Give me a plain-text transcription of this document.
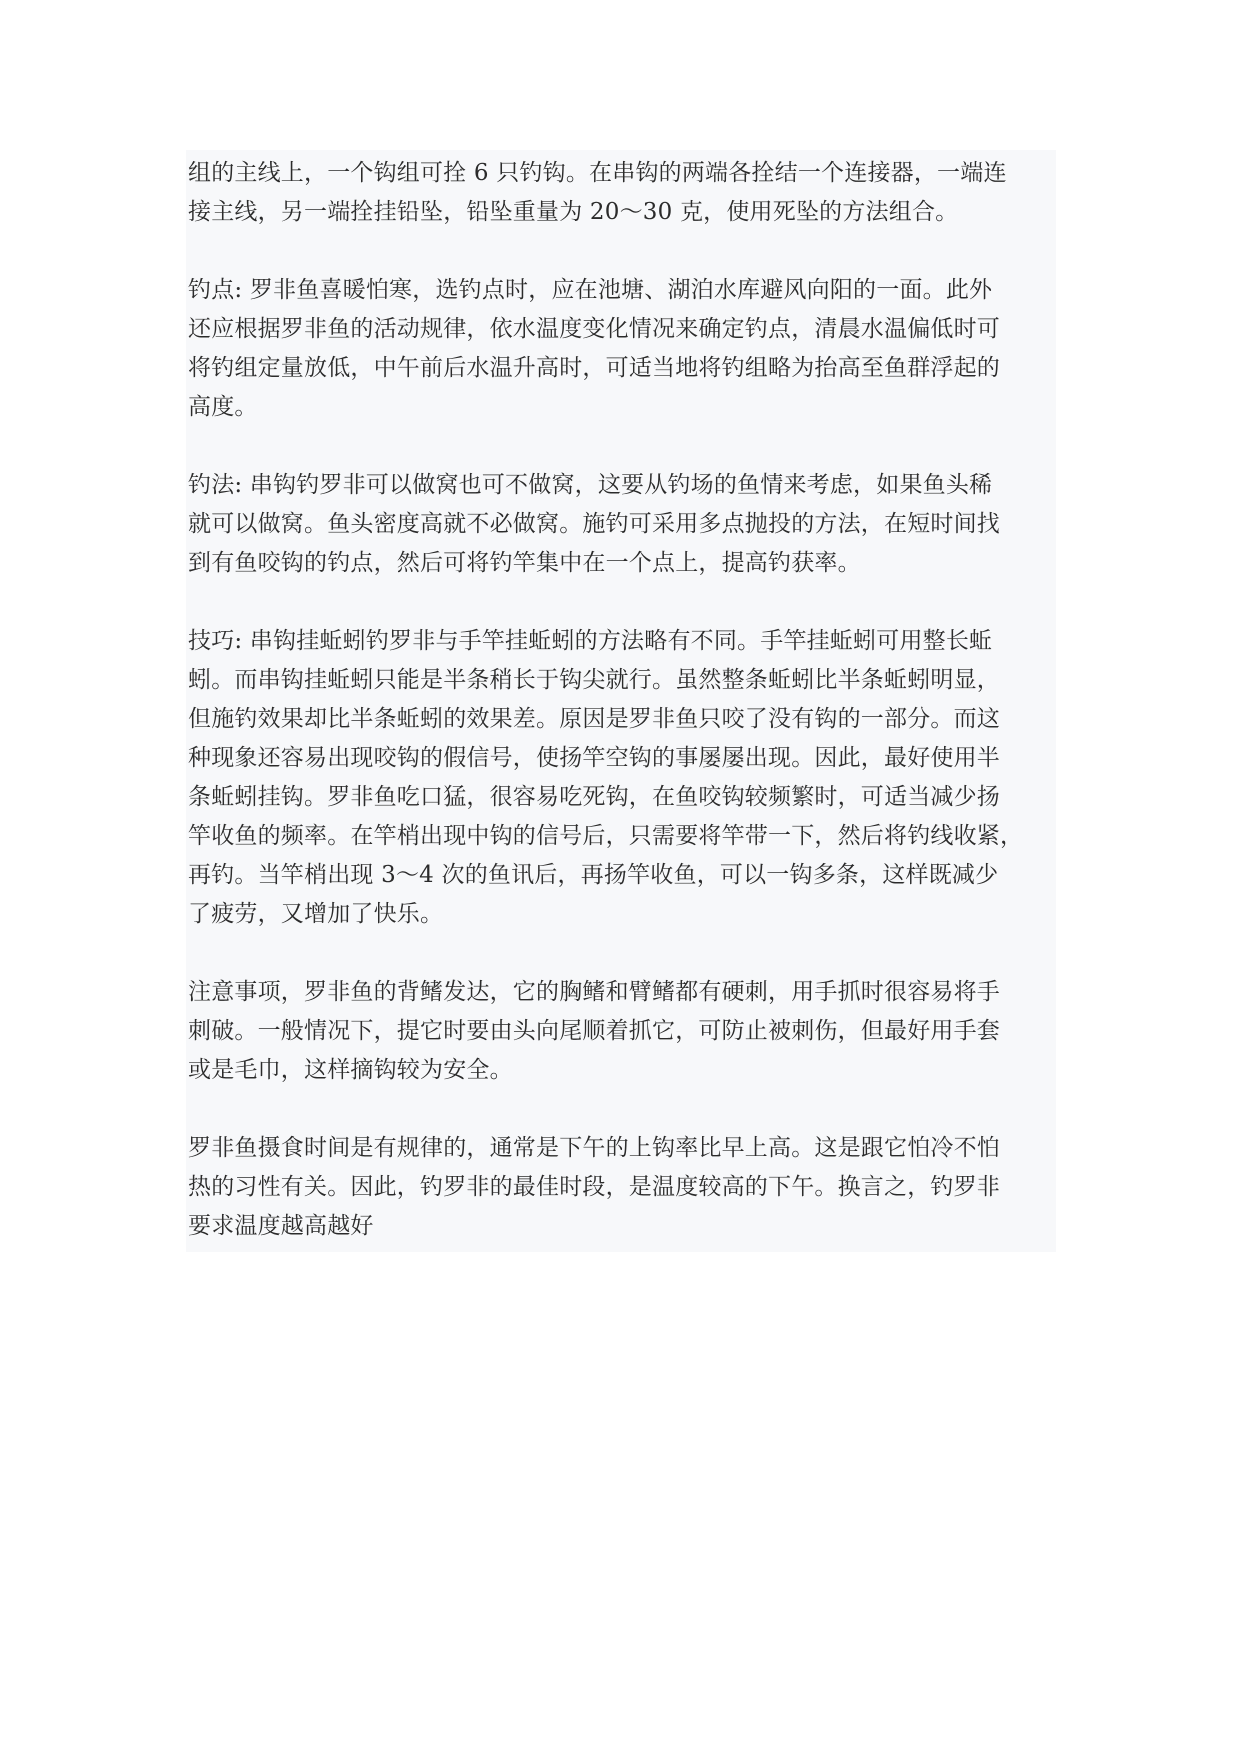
组的主线上，一个钩组可拴 6 只钓钩。在串钩的两端各拴结一个连接器，一端连
接主线，另一端拴挂铅坠，铅坠重量为 20～30 克，使用死坠的方法组合。

钓点: 罗非鱼喜暖怕寒，选钓点时，应在池塘、湖泊水库避风向阳的一面。此外
还应根据罗非鱼的活动规律，依水温度变化情况来确定钓点，清晨水温偏低时可
将钓组定量放低，中午前后水温升高时，可适当地将钓组略为抬高至鱼群浮起的
高度。

钓法: 串钩钓罗非可以做窝也可不做窝，这要从钓场的鱼情来考虑，如果鱼头稀
就可以做窝。鱼头密度高就不必做窝。施钓可采用多点抛投的方法，在短时间找
到有鱼咬钩的钓点，然后可将钓竿集中在一个点上，提高钓获率。

技巧: 串钩挂蚯蚓钓罗非与手竿挂蚯蚓的方法略有不同。手竿挂蚯蚓可用整长蚯
蚓。而串钩挂蚯蚓只能是半条稍长于钩尖就行。虽然整条蚯蚓比半条蚯蚓明显，
但施钓效果却比半条蚯蚓的效果差。原因是罗非鱼只咬了没有钩的一部分。而这
种现象还容易出现咬钩的假信号，使扬竿空钩的事屡屡出现。因此，最好使用半
条蚯蚓挂钩。罗非鱼吃口猛，很容易吃死钩，在鱼咬钩较频繁时，可适当减少扬
竿收鱼的频率。在竿梢出现中钩的信号后，只需要将竿带一下，然后将钓线收紧，
再钓。当竿梢出现 3～4 次的鱼讯后，再扬竿收鱼，可以一钩多条，这样既减少
了疲劳，又增加了快乐。

注意事项，罗非鱼的背鳍发达，它的胸鳍和臂鳍都有硬刺，用手抓时很容易将手
刺破。一般情况下，提它时要由头向尾顺着抓它，可防止被刺伤，但最好用手套
或是毛巾，这样摘钩较为安全。

罗非鱼摄食时间是有规律的，通常是下午的上钩率比早上高。这是跟它怕冷不怕
热的习性有关。因此，钓罗非的最佳时段，是温度较高的下午。换言之，钓罗非
要求温度越高越好
